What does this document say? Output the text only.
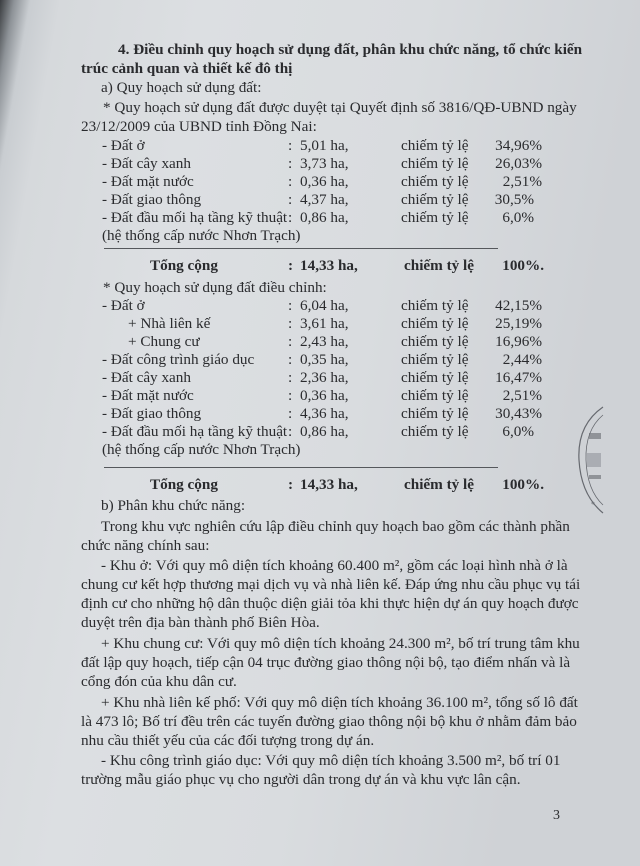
4. Điều chỉnh quy hoạch sử dụng đất, phân khu chức năng, tổ chức kiến
trúc cảnh quan và thiết kế đô thị
a) Quy hoạch sử dụng đất:
* Quy hoạch sử dụng đất được duyệt tại Quyết định số 3816/QĐ-UBND ngày
23/12/2009 của UBND tỉnh Đồng Nai:
- Đất ở	: 5,01 ha,	chiếm tỷ lệ 34,96%
- Đất cây xanh	: 3,73 ha,	chiếm tỷ lệ 26,03%
- Đất mặt nước	: 0,36 ha,	chiếm tỷ lệ 2,51%
- Đất giao thông	: 4,37 ha,	chiếm tỷ lệ 30,5%
- Đất đầu mối hạ tầng kỹ thuật : 0,86 ha,	chiếm tỷ lệ 6,0%
(hệ thống cấp nước Nhơn Trạch)
Tổng cộng	: 14,33 ha,	chiếm tỷ lệ 100%.
* Quy hoạch sử dụng đất điều chỉnh:
- Đất ở	: 6,04 ha,	chiếm tỷ lệ 42,15%
+ Nhà liên kế	: 3,61 ha,	chiếm tỷ lệ 25,19%
+ Chung cư	: 2,43 ha,	chiếm tỷ lệ 16,96%
- Đất công trình giáo dục : 0,35 ha,	chiếm tỷ lệ 2,44%
- Đất cây xanh	: 2,36 ha,	chiếm tỷ lệ 16,47%
- Đất mặt nước	: 0,36 ha,	chiếm tỷ lệ 2,51%
- Đất giao thông	: 4,36 ha,	chiếm tỷ lệ 30,43%
- Đất đầu mối hạ tầng kỹ thuật : 0,86 ha,	chiếm tỷ lệ 6,0%
(hệ thống cấp nước Nhơn Trạch)
Tổng cộng	: 14,33 ha,	chiếm tỷ lệ 100%.
b) Phân khu chức năng:
Trong khu vực nghiên cứu lập điều chỉnh quy hoạch bao gồm các thành phần
chức năng chính sau:
- Khu ở: Với quy mô diện tích khoảng 60.400 m², gồm các loại hình nhà ở là
chung cư kết hợp thương mại dịch vụ và nhà liên kế. Đáp ứng nhu cầu phục vụ tái
định cư cho những hộ dân thuộc diện giải tỏa khi thực hiện dự án quy hoạch được
duyệt trên địa bàn thành phố Biên Hòa.
+ Khu chung cư: Với quy mô diện tích khoảng 24.300 m², bố trí trung tâm khu
đất lập quy hoạch, tiếp cận 04 trục đường giao thông nội bộ, tạo điểm nhấn và là
cổng đón của khu dân cư.
+ Khu nhà liên kế phố: Với quy mô diện tích khoảng 36.100 m², tổng số lô đất
là 473 lô; Bố trí đều trên các tuyến đường giao thông nội bộ khu ở nhằm đảm bảo
nhu cầu thiết yếu của các đối tượng trong dự án.
- Khu công trình giáo dục: Với quy mô diện tích khoảng 3.500 m², bố trí 01
trường mẫu giáo phục vụ cho người dân trong dự án và khu vực lân cận.
*
3
